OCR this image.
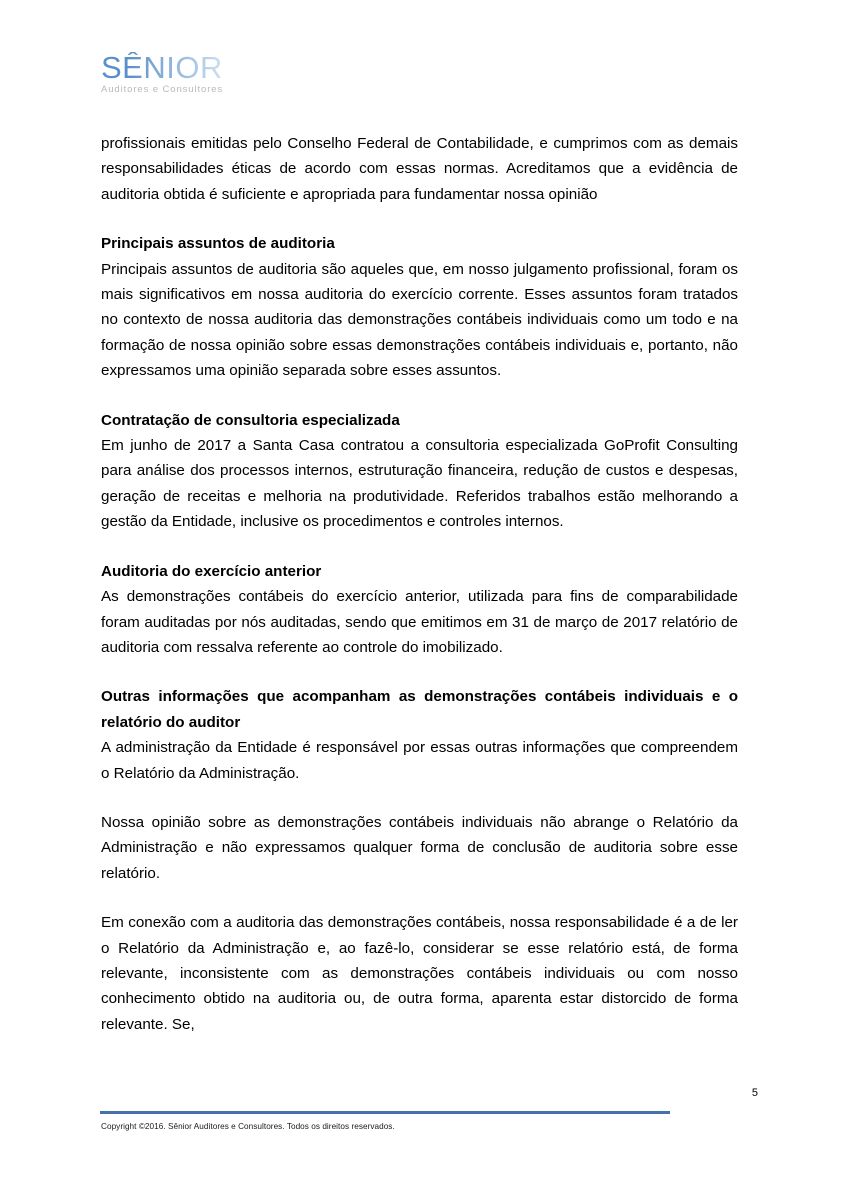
SÊNIOR
Auditores e Consultores

profissionais emitidas pelo Conselho Federal de Contabilidade, e cumprimos com as demais responsabilidades éticas de acordo com essas normas. Acreditamos que a evidência de auditoria obtida é suficiente e apropriada para fundamentar nossa opinião

Principais assuntos de auditoria

Principais assuntos de auditoria são aqueles que, em nosso julgamento profissional, foram os mais significativos em nossa auditoria do exercício corrente. Esses assuntos foram tratados no contexto de nossa auditoria das demonstrações contábeis individuais como um todo e na formação de nossa opinião sobre essas demonstrações contábeis individuais e, portanto, não expressamos uma opinião separada sobre esses assuntos.

Contratação de consultoria especializada

Em junho de 2017 a Santa Casa contratou a consultoria especializada GoProfit Consulting para análise dos processos internos, estruturação financeira, redução de custos e despesas, geração de receitas e melhoria na produtividade. Referidos trabalhos estão melhorando a gestão da Entidade, inclusive os procedimentos e controles internos.

Auditoria do exercício anterior

As demonstrações contábeis do exercício anterior, utilizada para fins de comparabilidade foram auditadas por nós auditadas, sendo que emitimos em 31 de março de 2017 relatório de auditoria com ressalva referente ao controle do imobilizado.

Outras informações que acompanham as demonstrações contábeis individuais e o relatório do auditor

A administração da Entidade é responsável por essas outras informações que compreendem o Relatório da Administração.

Nossa opinião sobre as demonstrações contábeis individuais não abrange o Relatório da Administração e não expressamos qualquer forma de conclusão de auditoria sobre esse relatório.

Em conexão com a auditoria das demonstrações contábeis, nossa responsabilidade é a de ler o Relatório da Administração e, ao fazê-lo, considerar se esse relatório está, de forma relevante, inconsistente com as demonstrações contábeis individuais ou com nosso conhecimento obtido na auditoria ou, de outra forma, aparenta estar distorcido de forma relevante. Se,

5
Copyright ©2016. Sênior Auditores e Consultores. Todos os direitos reservados.
